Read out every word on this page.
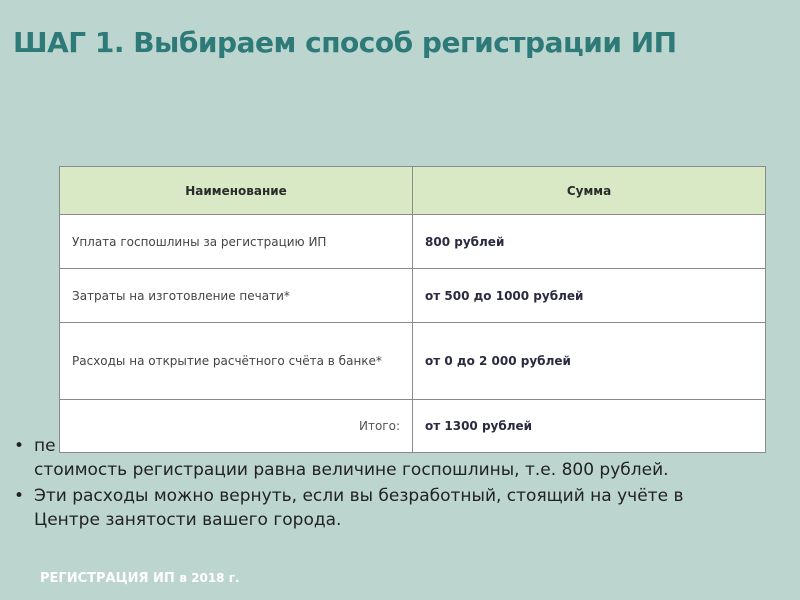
ШАГ 1. Выбираем способ регистрации ИП
• пе
стоимость регистрации равна величине госпошлины, т.е. 800 рублей.
• Эти расходы можно вернуть, если вы безработный, стоящий на учёте в
Центре занятости вашего города.
Наименование	Сумма
Уплата госпошлины за регистрацию ИП	800 рублей
Затраты на изготовление печати*	от 500 до 1000 рублей
Расходы на открытие расчётного счёта в банке*	от 0 до 2 000 рублей
Итого:	от 1300 рублей
РЕГИСТРАЦИЯ ИП в 2018 г.
